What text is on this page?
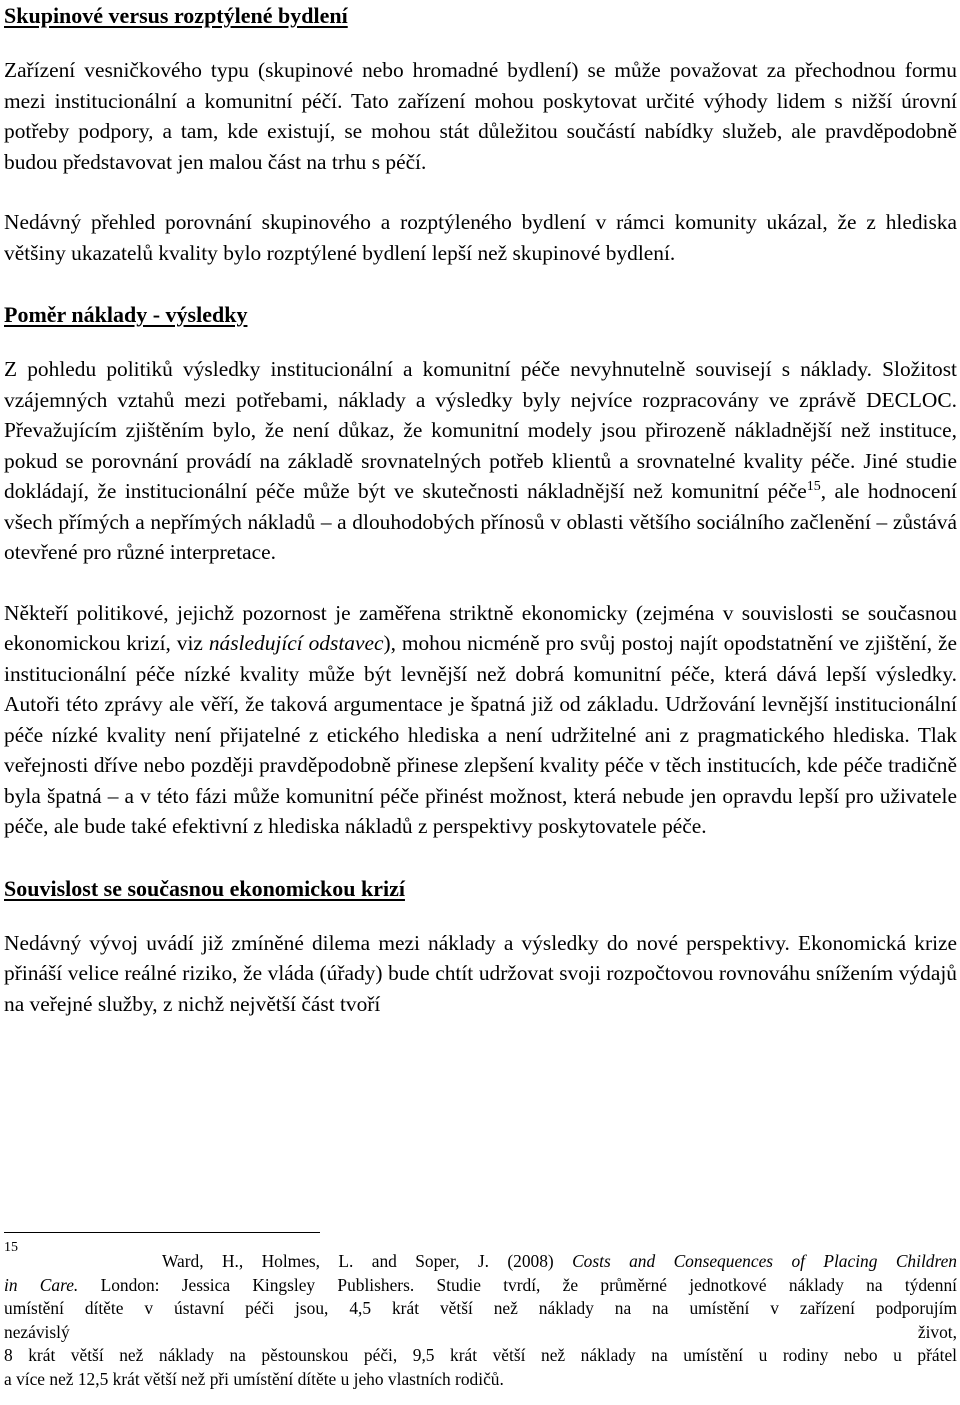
Skupinové versus rozptýlené bydlení

Zařízení vesničkového typu (skupinové nebo hromadné bydlení) se může považovat za přechodnou formu mezi institucionální a komunitní péčí. Tato zařízení mohou poskytovat určité výhody lidem s nižší úrovní potřeby podpory, a tam, kde existují, se mohou stát důležitou součástí nabídky služeb, ale pravděpodobně budou představovat jen malou část na trhu s péčí.

Nedávný přehled porovnání skupinového a rozptýleného bydlení v rámci komunity ukázal, že z hlediska většiny ukazatelů kvality bylo rozptýlené bydlení lepší než skupinové bydlení.

Poměr náklady - výsledky

Z pohledu politiků výsledky institucionální a komunitní péče nevyhnutelně souvisejí s náklady. Složitost vzájemných vztahů mezi potřebami, náklady a výsledky byly nejvíce rozpracovány ve zprávě DECLOC. Převažujícím zjištěním bylo, že není důkaz, že komunitní modely jsou přirozeně nákladnější než instituce, pokud se porovnání provádí na základě srovnatelných potřeb klientů a srovnatelné kvality péče. Jiné studie dokládají, že institucionální péče může být ve skutečnosti nákladnější než komunitní péče$^{15}$, ale hodnocení všech přímých a nepřímých nákladů – a dlouhodobých přínosů v oblasti většího sociálního začlenění – zůstává otevřené pro různé interpretace.

Někteří politikové, jejichž pozornost je zaměřena striktně ekonomicky (zejména v souvislosti se současnou ekonomickou krizí, viz následující odstavec), mohou nicméně pro svůj postoj najít opodstatnění ve zjištění, že institucionální péče nízké kvality může být levnější než dobrá komunitní péče, která dává lepší výsledky. Autoři této zprávy ale věří, že taková argumentace je špatná již od základu. Udržování levnější institucionální péče nízké kvality není přijatelné z etického hlediska a není udržitelné ani z pragmatického hlediska. Tlak veřejnosti dříve nebo později pravděpodobně přinese zlepšení kvality péče v těch institucích, kde péče tradičně byla špatná – a v této fázi může komunitní péče přinést možnost, která nebude jen opravdu lepší pro uživatele péče, ale bude také efektivní z hlediska nákladů z perspektivy poskytovatele péče.

Souvislost se současnou ekonomickou krizí

Nedávný vývoj uvádí již zmíněné dilema mezi náklady a výsledky do nové perspektivy. Ekonomická krize přináší velice reálné riziko, že vláda (úřady) bude chtít udržovat svoji rozpočtovou rovnováhu snížením výdajů na veřejné služby, z nichž největší část tvoří

15
Ward, H., Holmes, L. and Soper, J. (2008) Costs and Consequences of Placing Children
in Care. London: Jessica Kingsley Publishers. Studie tvrdí, že průměrné jednotkové náklady na týdenní
umístění dítěte v ústavní péči jsou, 4,5 krát větší než náklady na na umístění v zařízení podporujím
nezávislý život,
8 krát větší než náklady na pěstounskou péči, 9,5 krát větší než náklady na umístění u rodiny nebo u přátel
a více než 12,5 krát větší než při umístění dítěte u jeho vlastních rodičů.
